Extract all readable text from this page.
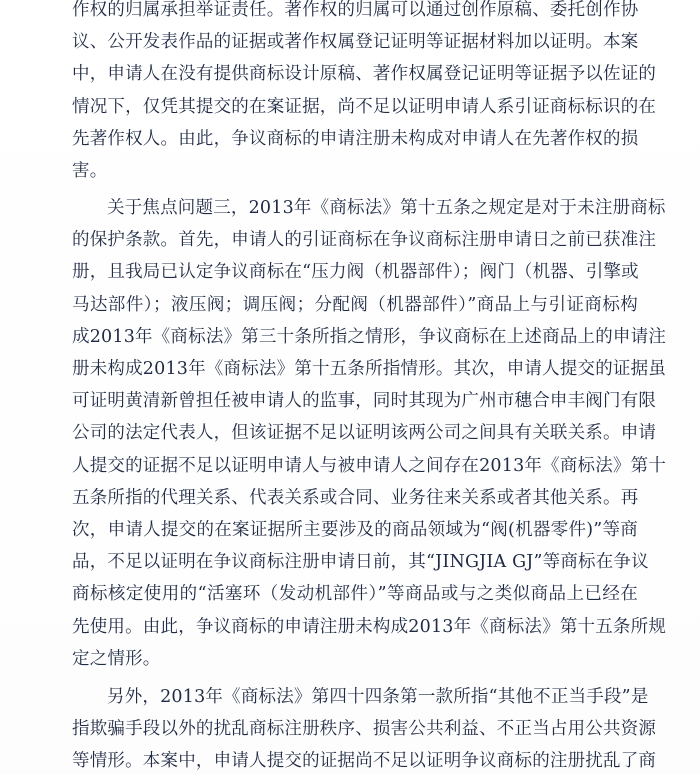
作权的归属承担举证责任。著作权的归属可以通过创作原稿、委托创作协
议、公开发表作品的证据或著作权属登记证明等证据材料加以证明。本案
中，申请人在没有提供商标设计原稿、著作权属登记证明等证据予以佐证的
情况下，仅凭其提交的在案证据，尚不足以证明申请人系引证商标标识的在
先著作权人。由此，争议商标的申请注册未构成对申请人在先著作权的损
害。
关于焦点问题三，2013年《商标法》第十五条之规定是对于未注册商标
的保护条款。首先，申请人的引证商标在争议商标注册申请日之前已获准注
册，且我局已认定争议商标在“压力阀（机器部件）；阀门（机器、引擎或
马达部件）；液压阀；调压阀；分配阀（机器部件）”商品上与引证商标构
成2013年《商标法》第三十条所指之情形，争议商标在上述商品上的申请注
册未构成2013年《商标法》第十五条所指情形。其次，申请人提交的证据虽
可证明黄清新曾担任被申请人的监事，同时其现为广州市穗合申丰阀门有限
公司的法定代表人，但该证据不足以证明该两公司之间具有关联关系。申请
人提交的证据不足以证明申请人与被申请人之间存在2013年《商标法》第十
五条所指的代理关系、代表关系或合同、业务往来关系或者其他关系。再
次，申请人提交的在案证据所主要涉及的商品领域为“阀(机器零件)”等商
品，不足以证明在争议商标注册申请日前，其“JINGJIA GJ”等商标在争议
商标核定使用的“活塞环（发动机部件）”等商品或与之类似商品上已经在
先使用。由此，争议商标的申请注册未构成2013年《商标法》第十五条所规
定之情形。
另外，2013年《商标法》第四十四条第一款所指“其他不正当手段”是
指欺骗手段以外的扰乱商标注册秩序、损害公共利益、不正当占用公共资源
等情形。本案中，申请人提交的证据尚不足以证明争议商标的注册扰乱了商
